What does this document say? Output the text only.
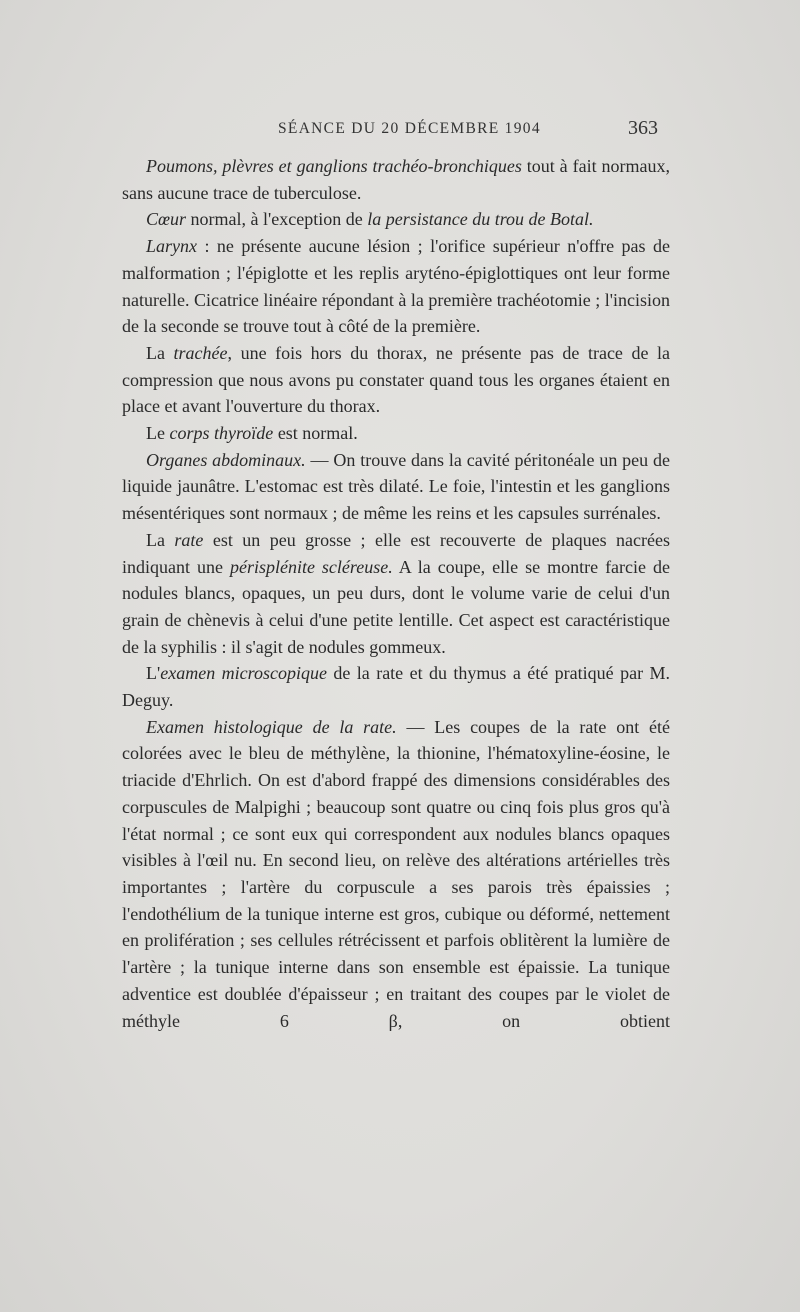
SÉANCE DU 20 DÉCEMBRE 1904	363

Poumons, plèvres et ganglions trachéo-bronchiques tout à fait normaux, sans aucune trace de tuberculose.

Cœur normal, à l'exception de la persistance du trou de Botal.

Larynx : ne présente aucune lésion ; l'orifice supérieur n'offre pas de malformation ; l'épiglotte et les replis aryténo-épiglottiques ont leur forme naturelle. Cicatrice linéaire répondant à la première trachéotomie ; l'incision de la seconde se trouve tout à côté de la première.

La trachée, une fois hors du thorax, ne présente pas de trace de la compression que nous avons pu constater quand tous les organes étaient en place et avant l'ouverture du thorax.

Le corps thyroïde est normal.

Organes abdominaux. — On trouve dans la cavité péritonéale un peu de liquide jaunâtre. L'estomac est très dilaté. Le foie, l'intestin et les ganglions mésentériques sont normaux ; de même les reins et les capsules surrénales.

La rate est un peu grosse ; elle est recouverte de plaques nacrées indiquant une périsplénite scléreuse. A la coupe, elle se montre farcie de nodules blancs, opaques, un peu durs, dont le volume varie de celui d'un grain de chènevis à celui d'une petite lentille. Cet aspect est caractéristique de la syphilis : il s'agit de nodules gommeux.

L'examen microscopique de la rate et du thymus a été pratiqué par M. Deguy.

Examen histologique de la rate. — Les coupes de la rate ont été colorées avec le bleu de méthylène, la thionine, l'hématoxyline-éosine, le triacide d'Ehrlich. On est d'abord frappé des dimensions considérables des corpuscules de Malpighi ; beaucoup sont quatre ou cinq fois plus gros qu'à l'état normal ; ce sont eux qui correspondent aux nodules blancs opaques visibles à l'œil nu. En second lieu, on relève des altérations artérielles très importantes ; l'artère du corpuscule a ses parois très épaissies ; l'endothélium de la tunique interne est gros, cubique ou déformé, nettement en prolifération ; ses cellules rétrécissent et parfois oblitèrent la lumière de l'artère ; la tunique interne dans son ensemble est épaissie. La tunique adventice est doublée d'épaisseur ; en traitant des coupes par le violet de méthyle 6 β, on obtient
